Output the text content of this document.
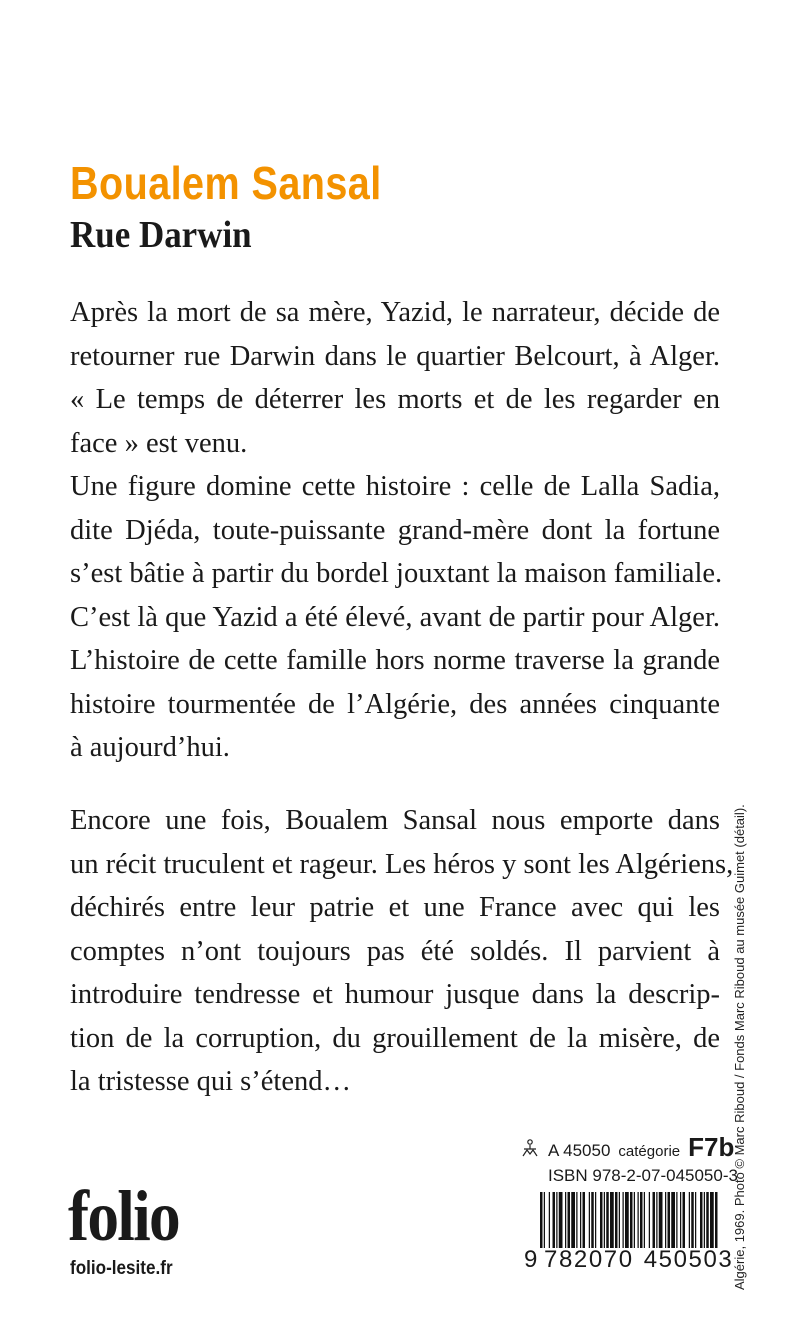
Boualem Sansal
Rue Darwin
Après la mort de sa mère, Yazid, le narrateur, décide de
retourner rue Darwin dans le quartier Belcourt, à Alger.
« Le temps de déterrer les morts et de les regarder en
face » est venu.
Une figure domine cette histoire : celle de Lalla Sadia,
dite Djéda, toute-puissante grand-mère dont la fortune
s’est bâtie à partir du bordel jouxtant la maison familiale.
C’est là que Yazid a été élevé, avant de partir pour Alger.
L’histoire de cette famille hors norme traverse la grande
histoire tourmentée de l’Algérie, des années cinquante
à aujourd’hui.
Encore une fois, Boualem Sansal nous emporte dans
un récit truculent et rageur. Les héros y sont les Algériens,
déchirés entre leur patrie et une France avec qui les
comptes n’ont toujours pas été soldés. Il parvient à
introduire tendresse et humour jusque dans la descrip-
tion de la corruption, du grouillement de la misère, de
la tristesse qui s’étend…	Algérie, 1969. Photo © Marc Riboud / Fonds Marc Riboud au musée Guimet (détail).
A 45050 catégorie F7b
ISBN 978-2-07-045050-3
9 782070 450503
folio
folio-lesite.fr
